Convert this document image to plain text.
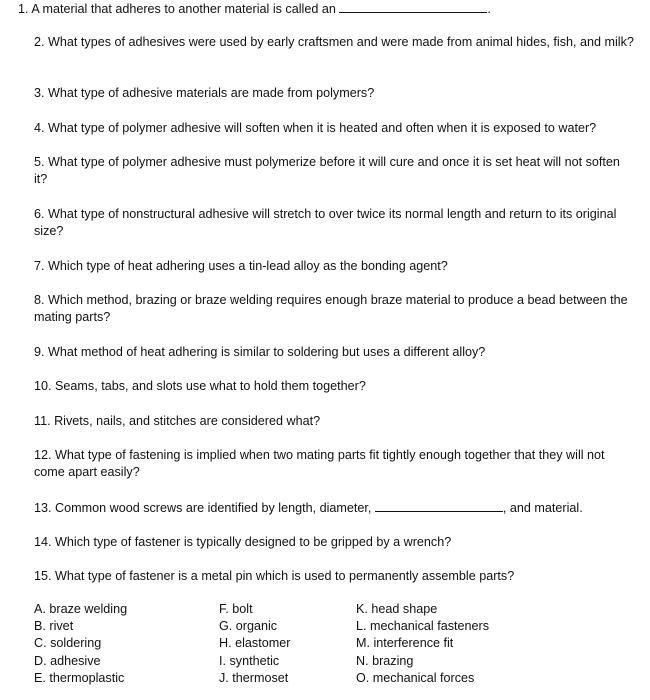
1. A material that adheres to another material is called an	.
2. What types of adhesives were used by early craftsmen and were made from animal hides, fish, and milk?
3. What type of adhesive materials are made from polymers?
4. What type of polymer adhesive will soften when it is heated and often when it is exposed to water?
5. What type of polymer adhesive must polymerize before it will cure and once it is set heat will not soften it?
6. What type of nonstructural adhesive will stretch to over twice its normal length and return to its original size?
7. Which type of heat adhering uses a tin-lead alloy as the bonding agent?
8. Which method, brazing or braze welding requires enough braze material to produce a bead between the mating parts?
9. What method of heat adhering is similar to soldering but uses a different alloy?
10. Seams, tabs, and slots use what to hold them together?
11. Rivets, nails, and stitches are considered what?
12. What type of fastening is implied when two mating parts fit tightly enough together that they will not come apart easily?
13. Common wood screws are identified by length, diameter,	, and material.
14. Which type of fastener is typically designed to be gripped by a wrench?
15. What type of fastener is a metal pin which is used to permanently assemble parts?
A. braze welding
B. rivet
C. soldering
D. adhesive
E. thermoplastic
F. bolt
G. organic
H. elastomer
I. synthetic
J. thermoset
K. head shape
L. mechanical fasteners
M. interference fit
N. brazing
O. mechanical forces
